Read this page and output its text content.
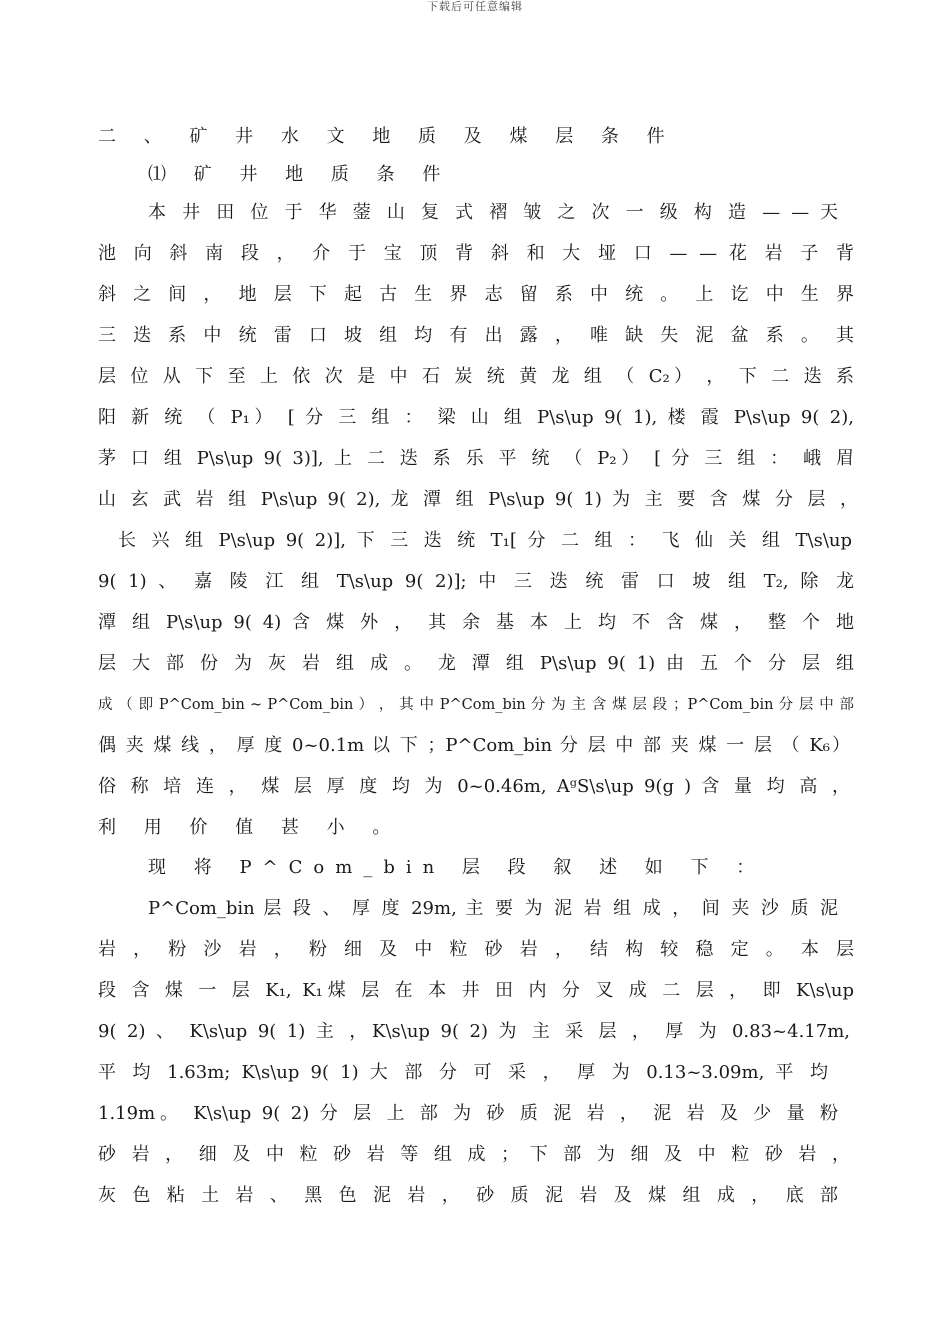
下载后可任意编辑
二 、 矿 井 水 文 地 质 及 煤 层 条 件
⑴ 矿 井 地 质 条 件
本 井 田 位 于 华 蓥 山 复 式 褶 皱 之 次 一 级 构 造 — — 天
池 向 斜 南 段 ， 介 于 宝 顶 背 斜 和 大 垭 口 — — 花 岩 子 背
斜 之 间 ， 地 层 下 起 古 生 界 志 留 系 中 统 。 上 讫 中 生 界
三 迭 系 中 统 雷 口 坡 组 均 有 出 露 ， 唯 缺 失 泥 盆 系 。 其
层 位 从 下 至 上 依 次 是 中 石 炭 统 黄 龙 组 （ C₂） ， 下 二 迭 系
阳 新 统 （ P₁） [ 分 三 组 ： 梁 山 组 P\s\up 9( 1), 楼 霞 P\s\up 9( 2),
茅 口 组 P\s\up 9( 3)], 上 二 迭 系 乐 平 统 （ P₂） [ 分 三 组 ： 峨 眉
山 玄 武 岩 组 P\s\up 9( 2), 龙 潭 组 P\s\up 9( 1) 为 主 要 含 煤 分 层 ，
长 兴 组 P\s\up 9( 2)], 下 三 迭 统 T₁[ 分 二 组 ： 飞 仙 关 组 T\s\up
9( 1) 、 嘉 陵 江 组 T\s\up 9( 2)]; 中 三 迭 统 雷 口 坡 组 T₂, 除 龙
潭 组 P\s\up 9( 4) 含 煤 外 ， 其 余 基 本 上 均 不 含 煤 ， 整 个 地
层 大 部 份 为 灰 岩 组 成 。 龙 潭 组 P\s\up 9( 1) 由 五 个 分 层 组
成 （ 即 P^Com_bin ~ P^Com_bin ） ， 其 中 P^Com_bin 分 为 主 含 煤 层 段 ；P^Com_bin 分 层 中 部
偶 夹 煤 线 ， 厚 度 0~0.1m 以 下 ；P^Com_bin 分 层 中 部 夹 煤 一 层 （ K₆）
俗 称 培 连 ， 煤 层 厚 度 均 为 0~0.46m, AᵍS\s\up 9(g ) 含 量 均 高 ，
利 用 价 值 甚 小 。
现 将 P^Com_bin 层 段 叙 述 如 下 ：
P^Com_bin 层 段 、 厚 度 29m, 主 要 为 泥 岩 组 成 ， 间 夹 沙 质 泥
岩 ， 粉 沙 岩 ， 粉 细 及 中 粒 砂 岩 ， 结 构 较 稳 定 。 本 层
段 含 煤 一 层 K₁, K₁煤 层 在 本 井 田 内 分 叉 成 二 层 ， 即 K\s\up
9( 2) 、 K\s\up 9( 1) 主 ，K\s\up 9( 2) 为 主 采 层 ， 厚 为 0.83~4.17m,
平 均 1.63m; K\s\up 9( 1) 大 部 分 可 采 ， 厚 为 0.13~3.09m, 平 均
1.19m。 K\s\up 9( 2) 分 层 上 部 为 砂 质 泥 岩 ， 泥 岩 及 少 量 粉
砂 岩 ， 细 及 中 粒 砂 岩 等 组 成 ； 下 部 为 细 及 中 粒 砂 岩 ，
灰 色 粘 土 岩 、 黑 色 泥 岩 ， 砂 质 泥 岩 及 煤 组 成 ， 底 部
